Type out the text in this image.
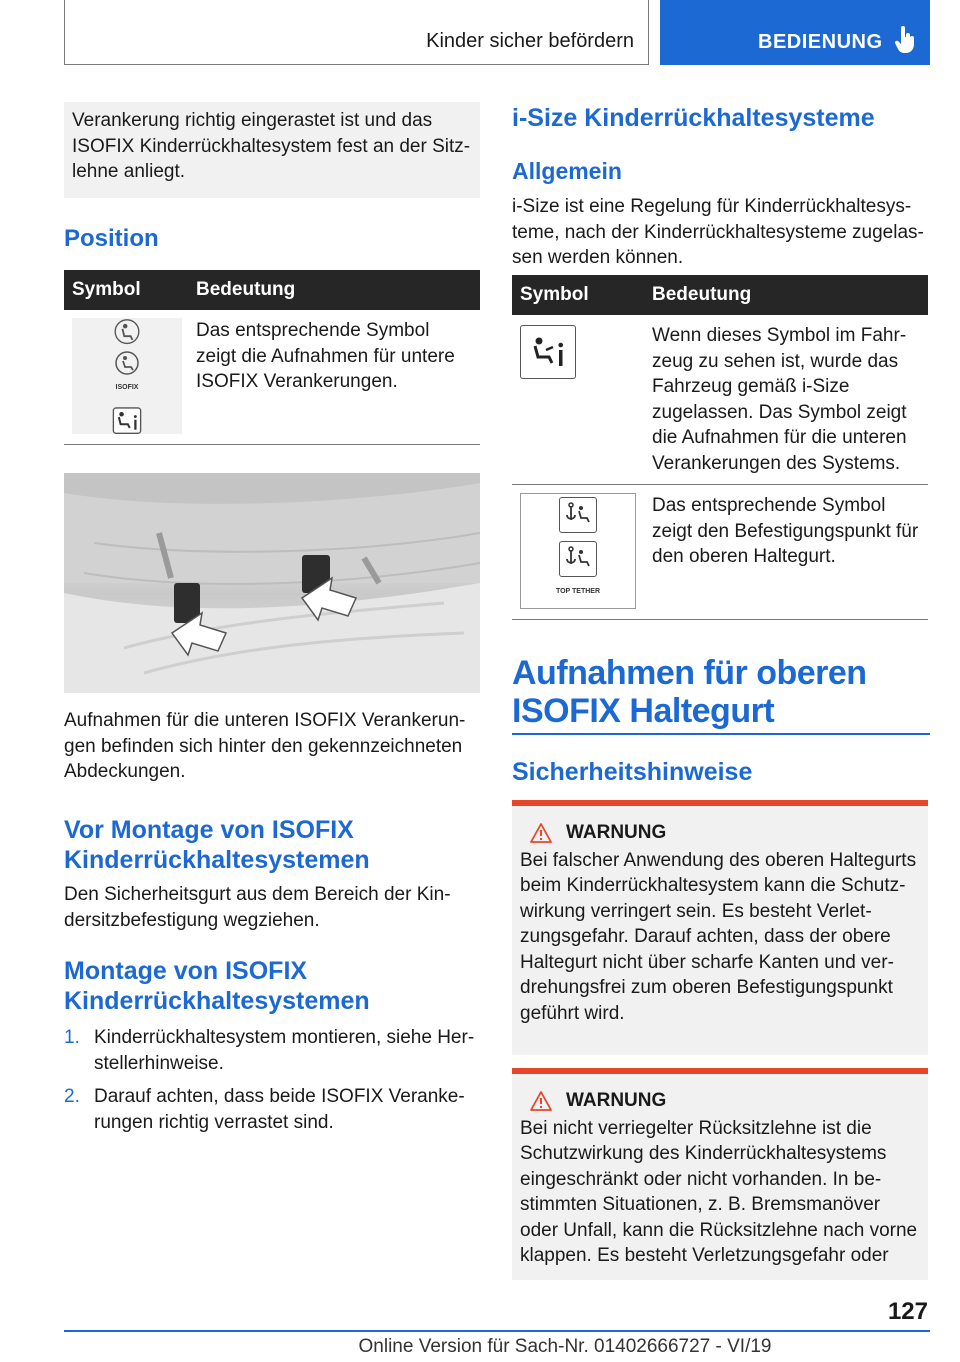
Kinder sicher befördern	BEDIENUNG
Verankerung richtig eingerastet ist und das ISOFIX Kinderrückhaltesystem fest an der Sitzlehne anliegt.
Position
Symbol	Bedeutung

ISOFIX	Das entsprechende Symbol zeigt die Aufnahmen für untere ISOFIX Verankerungen.

Aufnahmen für die unteren ISOFIX Verankerungen befinden sich hinter den gekennzeichneten Abdeckungen.

Vor Montage von ISOFIX Kinderrückhaltesystemen

Den Sicherheitsgurt aus dem Bereich der Kindersitzbefestigung wegziehen.

Montage von ISOFIX Kinderrückhaltesystemen
1. Kinderrückhaltesystem montieren, siehe Herstellerhinweise.
2. Darauf achten, dass beide ISOFIX Verankerungen richtig verrastet sind.
i-Size Kinderrückhaltesysteme
Allgemein

i-Size ist eine Regelung für Kinderrückhaltesysteme, nach der Kinderrückhaltesysteme zugelassen werden können.

Symbol	Bedeutung

	Wenn dieses Symbol im Fahrzeug zu sehen ist, wurde das Fahrzeug gemäß i-Size zugelassen. Das Symbol zeigt die Aufnahmen für die unteren Verankerungen des Systems.

TOP TETHER	Das entsprechende Symbol zeigt den Befestigungspunkt für den oberen Haltegurt.
Aufnahmen für oberen ISOFIX Haltegurt
Sicherheitshinweise
WARNUNG
Bei falscher Anwendung des oberen Haltegurts beim Kinderrückhaltesystem kann die Schutzwirkung verringert sein. Es besteht Verletzungsgefahr. Darauf achten, dass der obere Haltegurt nicht über scharfe Kanten und verdrehungsfrei zum oberen Befestigungspunkt geführt wird.
WARNUNG
Bei nicht verriegelter Rücksitzlehne ist die Schutzwirkung des Kinderrückhaltesystems eingeschränkt oder nicht vorhanden. In bestimmten Situationen, z. B. Bremsmanöver oder Unfall, kann die Rücksitzlehne nach vorne klappen. Es besteht Verletzungsgefahr oder
127
Online Version für Sach-Nr. 01402666727 - VI/19
